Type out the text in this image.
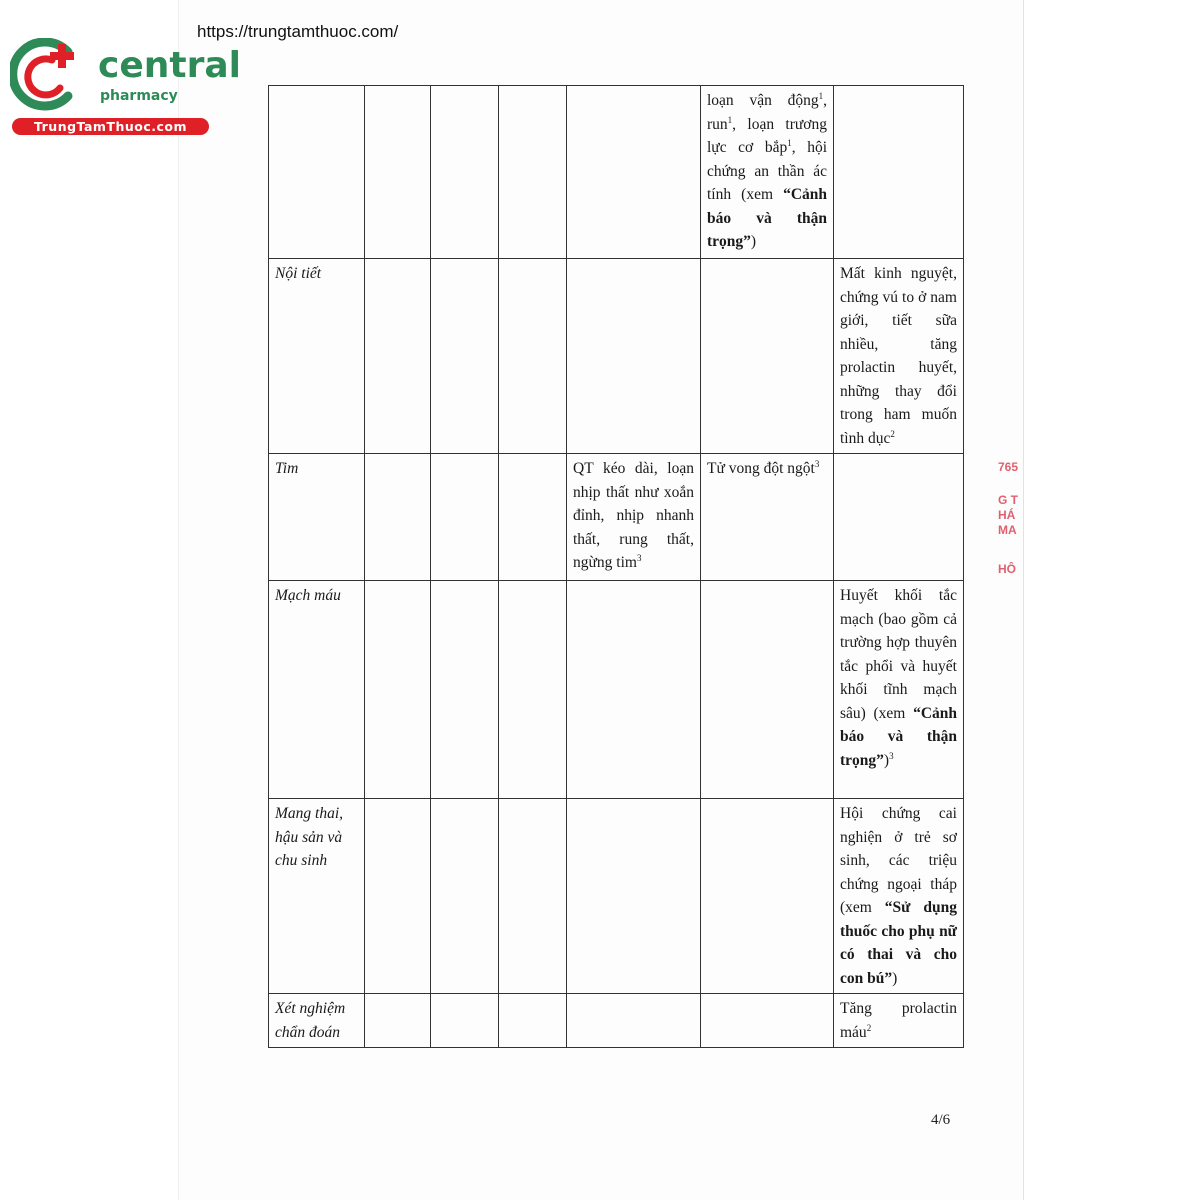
https://trungtamthuoc.com/
central
pharmacy
TrungTamThuoc.com
					loạn vận động$^1$, run$^1$, loạn trương lực cơ bắp$^1$, hội chứng an thần ác tính (xem “Cảnh báo và thận trọng”)	

Nội tiết						Mất kinh nguyệt, chứng vú to ở nam giới, tiết sữa nhiều, tăng prolactin huyết, những thay đổi trong ham muốn tình dục$^2$

Tim				QT kéo dài, loạn nhịp thất như xoắn đỉnh, nhịp nhanh thất, rung thất, ngừng tim$^3$	Tử vong đột ngột$^3$	

Mạch máu						Huyết khối tắc mạch (bao gồm cả trường hợp thuyên tắc phổi và huyết khối tĩnh mạch sâu) (xem “Cảnh báo và thận trọng”)$^3$

Mang thai,
hậu sản và
chu sinh						Hội chứng cai nghiện ở trẻ sơ sinh, các triệu chứng ngoại tháp (xem “Sử dụng thuốc cho phụ nữ có thai và cho con bú”)

Xét nghiệm
chẩn đoán						Tăng prolactin máu$^2$
765
G T
HÁ
MA
HÔ
4/6
